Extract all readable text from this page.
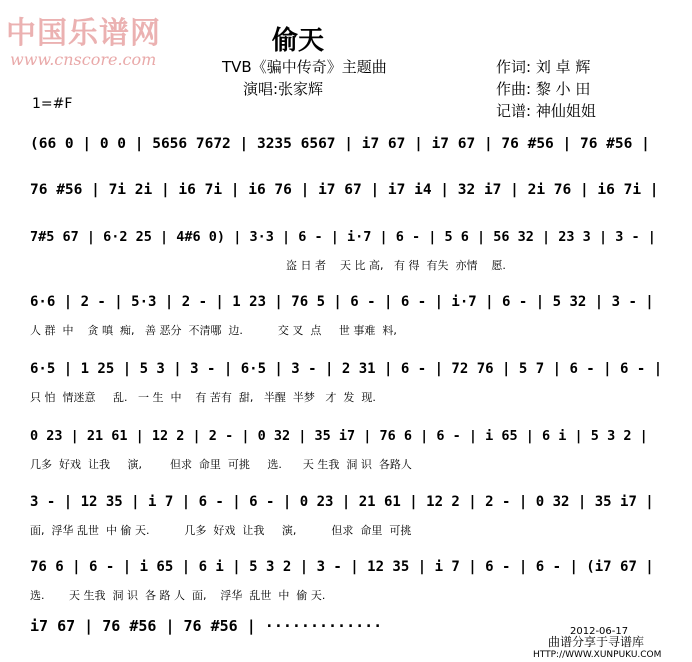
中国乐谱网
www.cnscore.com
偷天
TVB《骗中传奇》主题曲
演唱:张家辉
作词: 刘 卓 辉
作曲: 黎 小 田
记谱: 神仙姐姐
1=#F
(66 0 | 0 0 | 5656 7672 | 3235 6567 | i7 67 | i7 67 | 76 #56 | 76 #56 |
76 #56 | 7i 2i | i6 7i | i6 76 | i7 67 | i7 i4 | 32 i7 | 2i 76 | i6 7i |
7#5 67 | 6·2 25 | 4#6 0) | 3·3 | 6 - | i·7 | 6 - | 5 6 | 56 32 | 23 3 | 3 - |
盗 日 者    天 比 高,   有 得  有失  亦情    愿.
6·6 | 2 - | 5·3 | 2 - | 1 23 | 76 5 | 6 - | 6 - | i·7 | 6 - | 5 32 | 3 - |
人 群  中    贪 嗔  痴,   善 恶分  不清哪  边.          交 叉  点     世 事难  料,
6·5 | 1 25 | 5 3 | 3 - | 6·5 | 3 - | 2 31 | 6 - | 72 76 | 5 7 | 6 - | 6 - |
只 怕  情迷意     乱.   一 生  中    有 苦有  甜,   半醒  半梦   才  发  现.
0 23 | 21 61 | 12 2 | 2 - | 0 32 | 35 i7 | 76 6 | 6 - | i 65 | 6 i | 5 3 2 |
几多  好戏  让我     演,        但求  命里  可挑     选.      天 生我  洞 识  各路人
3 - | 12 35 | i 7 | 6 - | 6 - | 0 23 | 21 61 | 12 2 | 2 - | 0 32 | 35 i7 |
面,  浮华 乱世  中 偷 天.          几多  好戏  让我     演,          但求  命里  可挑
76 6 | 6 - | i 65 | 6 i | 5 3 2 | 3 - | 12 35 | i 7 | 6 - | 6 - | (i7 67 |
选.       天 生我  洞 识  各 路 人  面,    浮华  乱世  中  偷 天.
i7 67 | 76 #56 | 76 #56 | ·············	2012-06-17
曲谱分享于寻谱库
HTTP://WWW.XUNPUKU.COM
